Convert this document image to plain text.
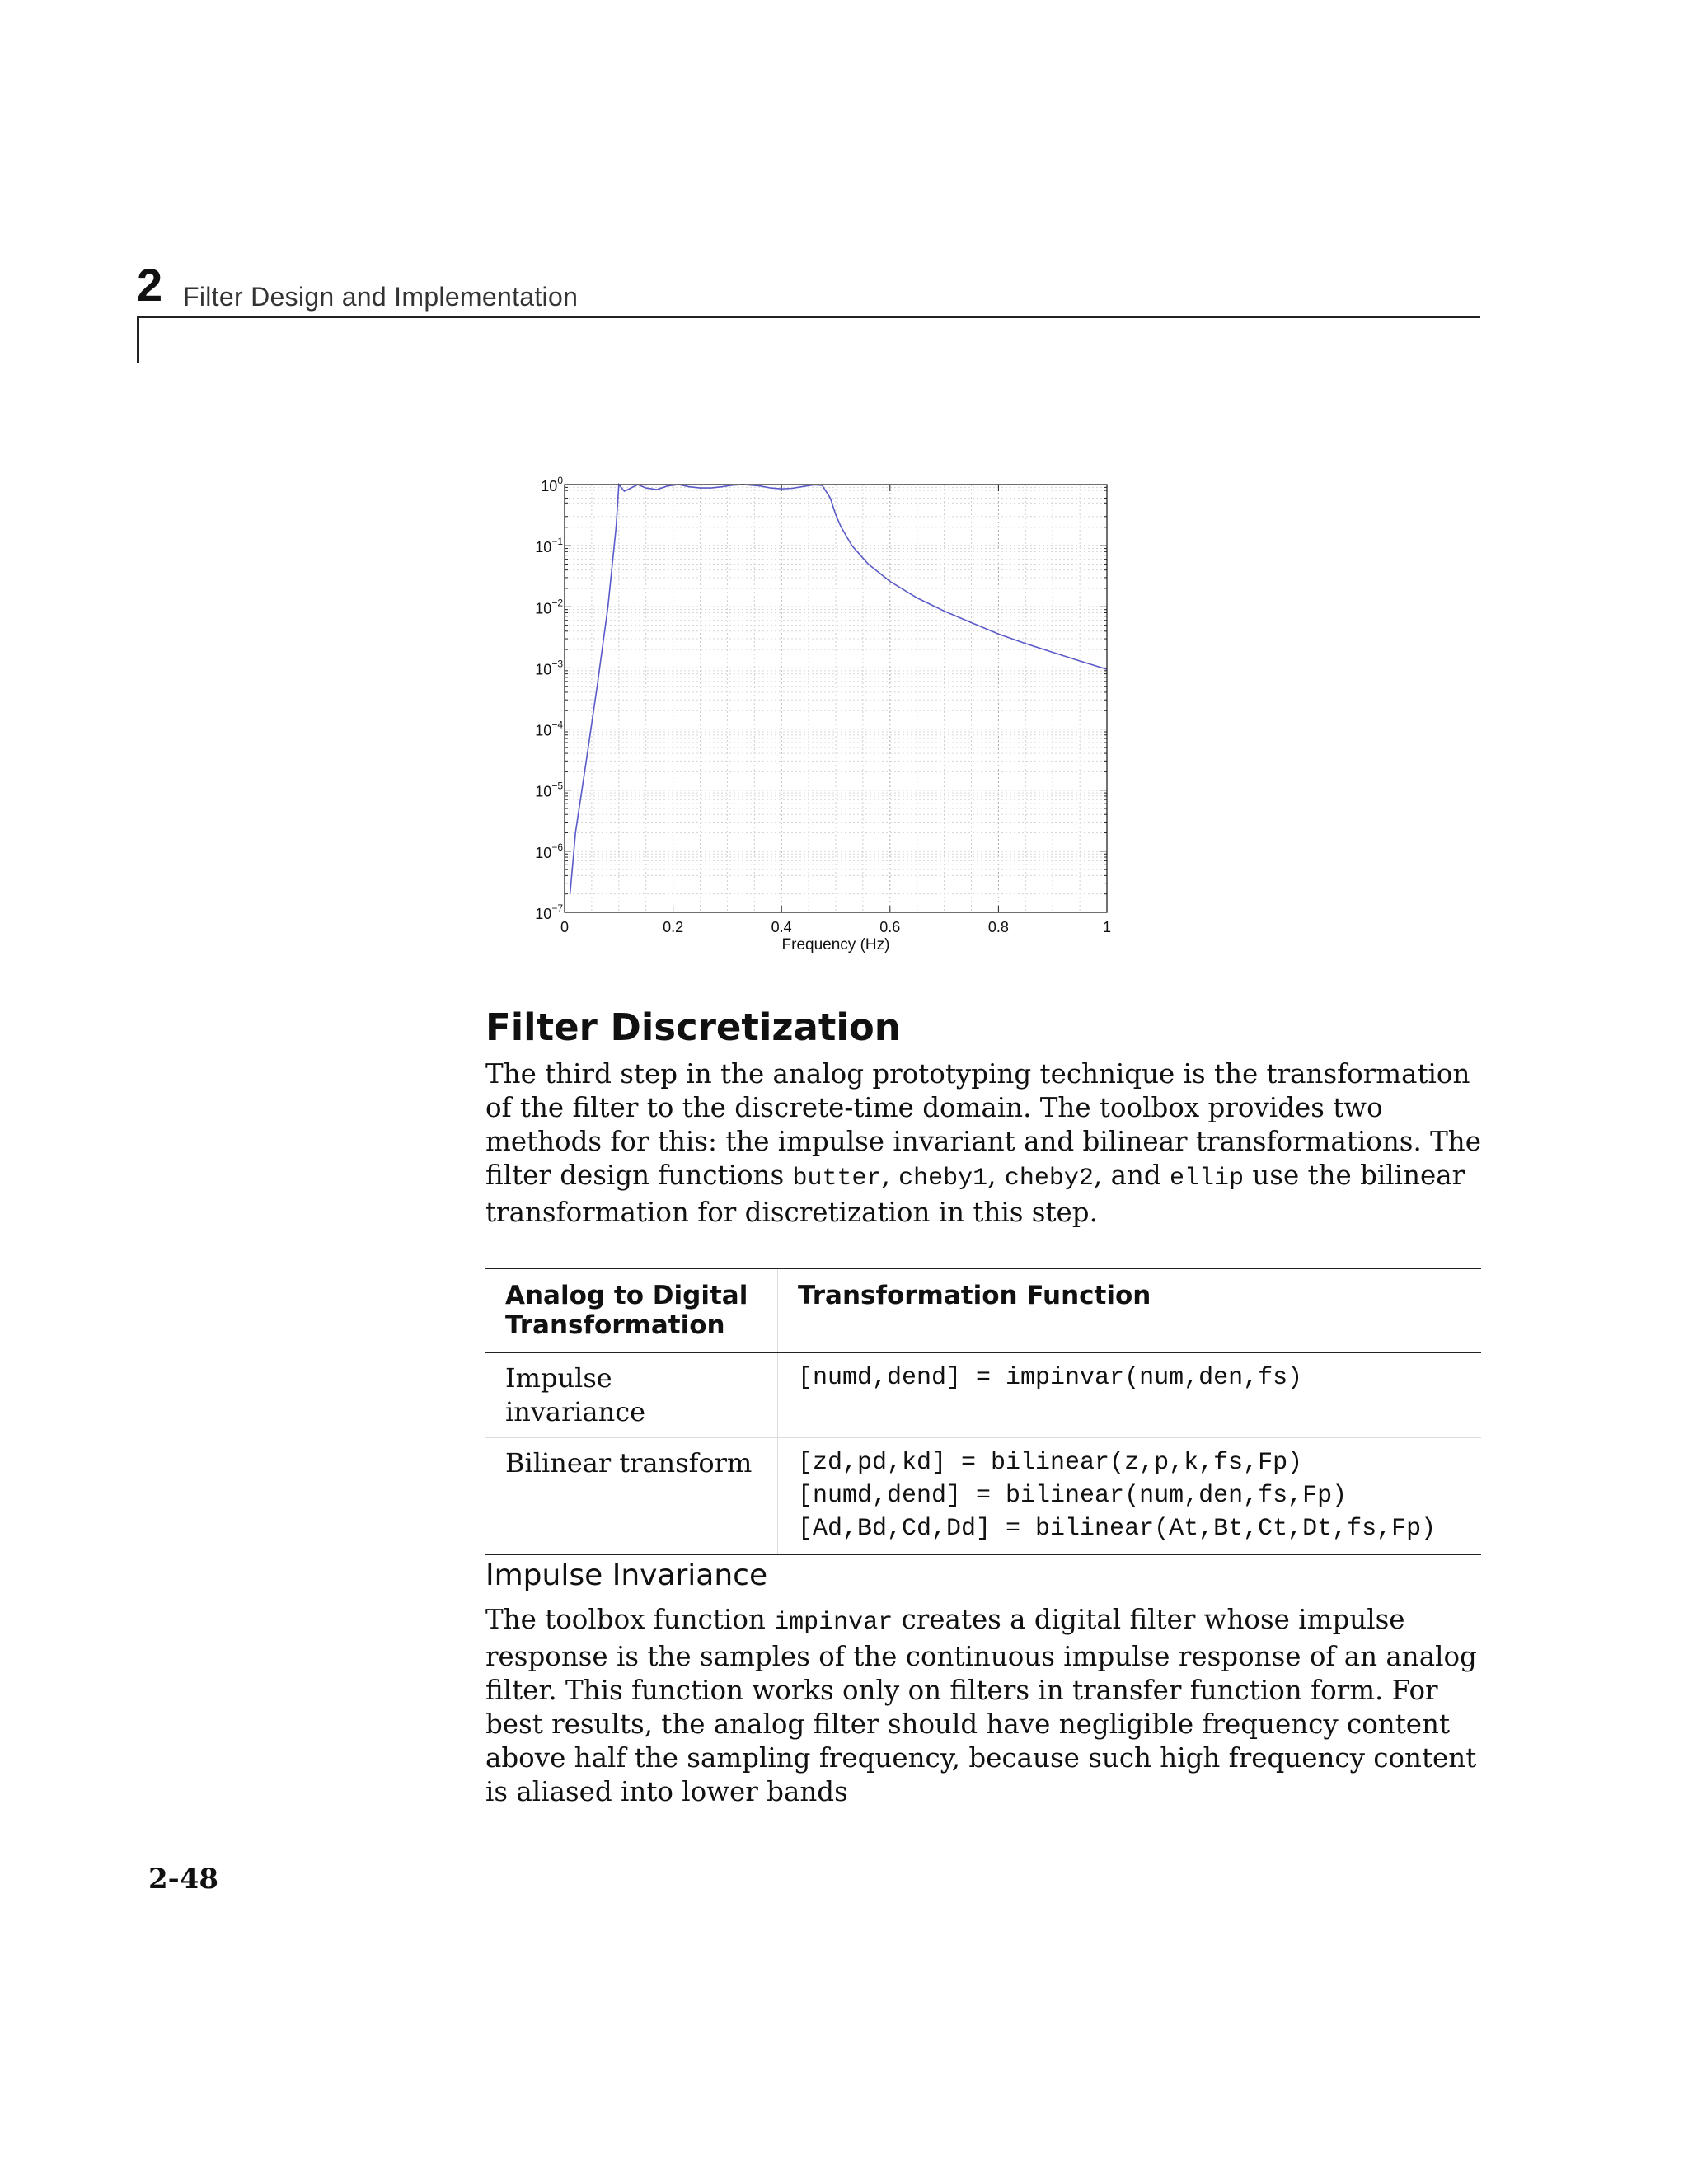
2 Filter Design and Implementation
$10^0$
$10^{-1}$
$10^{-2}$
$10^{-3}$
$10^{-4}$
$10^{-5}$
$10^{-6}$
$10^{-7}$
0	0.2	0.4	0.6	0.8	1
Frequency (Hz)
Filter Discretization
The third step in the analog prototyping technique is the transformation of the filter to the discrete-time domain. The toolbox provides two methods for this: the impulse invariant and bilinear transformations. The filter design functions butter, cheby1, cheby2, and ellip use the bilinear transformation for discretization in this step.
Analog to Digital Transformation	Transformation Function
Impulse invariance	[numd,dend] = impinvar(num,den,fs)

Bilinear transform	[zd,pd,kd] = bilinear(z,p,k,fs,Fp)
[numd,dend] = bilinear(num,den,fs,Fp)
[Ad,Bd,Cd,Dd] = bilinear(At,Bt,Ct,Dt,fs,Fp)
Impulse Invariance
The toolbox function impinvar creates a digital filter whose impulse response is the samples of the continuous impulse response of an analog filter. This function works only on filters in transfer function form. For best results, the analog filter should have negligible frequency content above half the sampling frequency, because such high frequency content is aliased into lower bands
2-48
